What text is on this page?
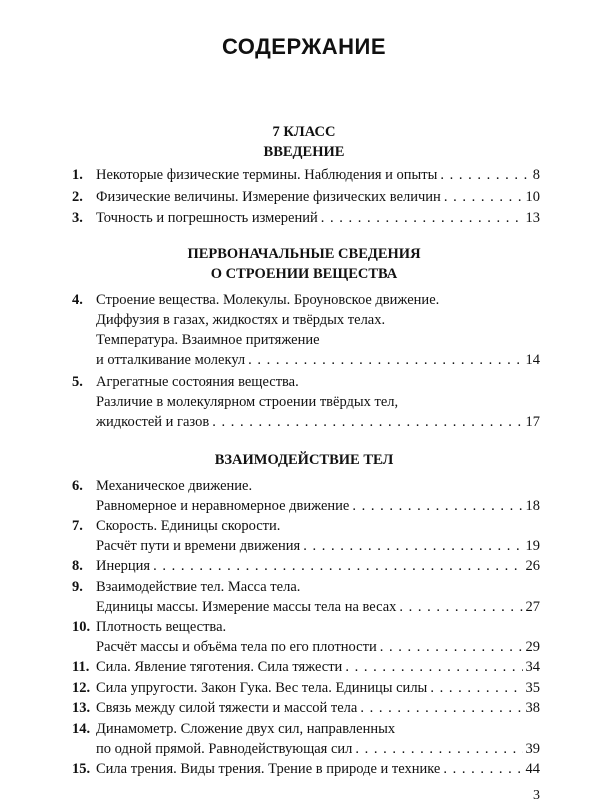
СОДЕРЖАНИЕ
7 КЛАСС
ВВЕДЕНИЕ
1. Некоторые физические термины. Наблюдения и опыты . . .	8
2. Физические величины. Измерение физических величин . . .	10
3. Точность и погрешность измерений . . .	13
ПЕРВОНАЧАЛЬНЫЕ СВЕДЕНИЯ
О СТРОЕНИИ ВЕЩЕСТВА
4. Строение вещества. Молекулы. Броуновское движение.
Диффузия в газах, жидкостях и твёрдых телах.
Температура. Взаимное притяжение
и отталкивание молекул . . .	14
5. Агрегатные состояния вещества.
Различие в молекулярном строении твёрдых тел,
жидкостей и газов . . .	17
ВЗАИМОДЕЙСТВИЕ ТЕЛ
6. Механическое движение.
Равномерное и неравномерное движение . . .	18
7. Скорость. Единицы скорости.
Расчёт пути и времени движения . . .	19
8. Инерция . . .	26
9. Взаимодействие тел. Масса тела.
Единицы массы. Измерение массы тела на весах . . .	27
10. Плотность вещества.
Расчёт массы и объёма тела по его плотности . . .	29
11. Сила. Явление тяготения. Сила тяжести . . .	34
12. Сила упругости. Закон Гука. Вес тела. Единицы силы . . .	35
13. Связь между силой тяжести и массой тела . . .	38
14. Динамометр. Сложение двух сил, направленных
по одной прямой. Равнодействующая сил . . .	39
15. Сила трения. Виды трения. Трение в природе и технике . . .	44
3
